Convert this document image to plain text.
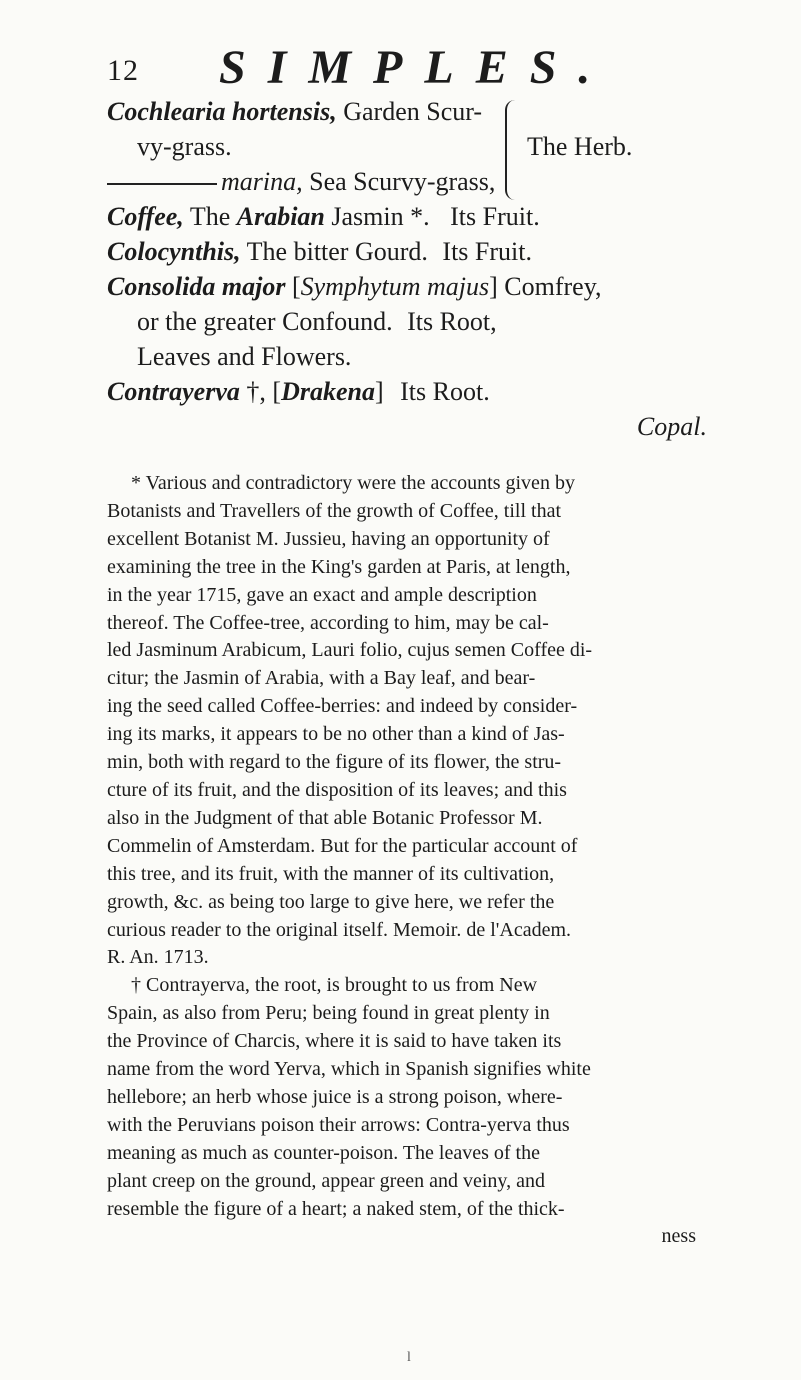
12 SIMPLES.
Cochlearia hortensis, Garden Scur-
vy-grass.
marina, Sea Scurvy-grass,
The Herb.
Coffee, The Arabian Jasmin *. Its Fruit.
Colocynthis, The bitter Gourd. Its Fruit.
Consolida major [Symphytum majus] Comfrey,
or the greater Confound. Its Root,
Leaves and Flowers.
Contrayerva †, [Drakena] Its Root.
Copal.

* Various and contradictory were the accounts given by

Botanists and Travellers of the growth of Coffee, till that
excellent Botanist M. Jussieu, having an opportunity of
examining the tree in the King's garden at Paris, at length,
in the year 1715, gave an exact and ample description
thereof. The Coffee-tree, according to him, may be cal-
led Jasminum Arabicum, Lauri folio, cujus semen Coffee di-
citur; the Jasmin of Arabia, with a Bay leaf, and bear-
ing the seed called Coffee-berries: and indeed by consider-
ing its marks, it appears to be no other than a kind of Jas-
min, both with regard to the figure of its flower, the stru-
cture of its fruit, and the disposition of its leaves; and this
also in the Judgment of that able Botanic Professor M.
Commelin of Amsterdam. But for the particular account of
this tree, and its fruit, with the manner of its cultivation,
growth, &c. as being too large to give here, we refer the
curious reader to the original itself. Memoir. de l'Academ.
R. An. 1713.

† Contrayerva, the root, is brought to us from New

Spain, as also from Peru; being found in great plenty in
the Province of Charcis, where it is said to have taken its
name from the word Yerva, which in Spanish signifies white
hellebore; an herb whose juice is a strong poison, where-
with the Peruvians poison their arrows: Contra-yerva thus
meaning as much as counter-poison. The leaves of the
plant creep on the ground, appear green and veiny, and
resemble the figure of a heart; a naked stem, of the thick-
ness
l
